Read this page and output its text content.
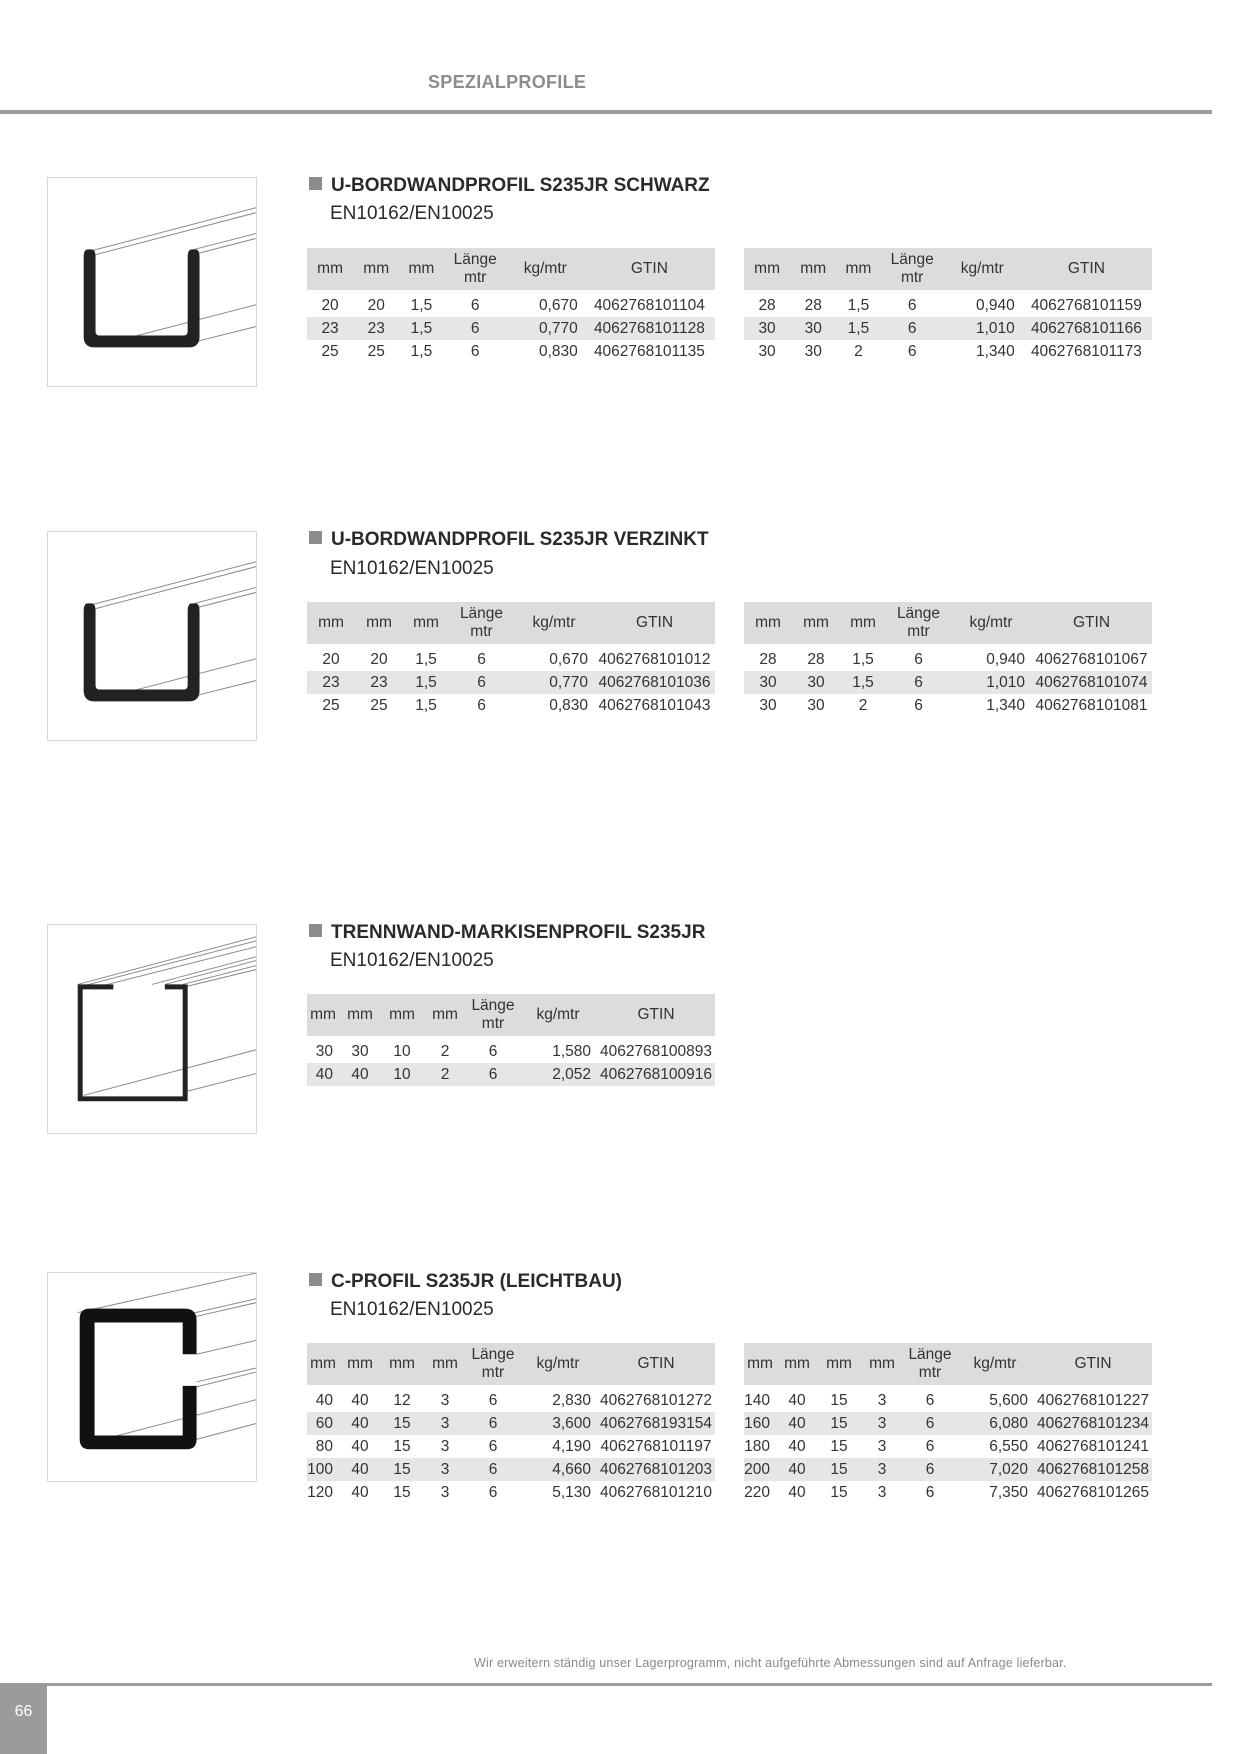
SPEZIALPROFILE
U-BORDWANDPROFIL S235JR SCHWARZ
EN10162/EN10025
mm	mm	mm	Länge mtr	kg/mtr	GTIN

20	20	1,5	6	0,670	4062768101104
23	23	1,5	6	0,770	4062768101128
25	25	1,5	6	0,830	4062768101135
mm	mm	mm	Länge mtr	kg/mtr	GTIN

28	28	1,5	6	0,940	4062768101159
30	30	1,5	6	1,010	4062768101166
30	30	2	6	1,340	4062768101173
U-BORDWANDPROFIL S235JR VERZINKT
EN10162/EN10025
mm	mm	mm	Länge mtr	kg/mtr	GTIN

20	20	1,5	6	0,670	4062768101012
23	23	1,5	6	0,770	4062768101036
25	25	1,5	6	0,830	4062768101043
mm	mm	mm	Länge mtr	kg/mtr	GTIN

28	28	1,5	6	0,940	4062768101067
30	30	1,5	6	1,010	4062768101074
30	30	2	6	1,340	4062768101081
TRENNWAND-MARKISENPROFIL S235JR
EN10162/EN10025
mm	mm	mm	mm	Länge mtr	kg/mtr	GTIN

30	30	10	2	6	1,580	4062768100893
40	40	10	2	6	2,052	4062768100916
C-PROFIL S235JR (LEICHTBAU)
EN10162/EN10025
mm	mm	mm	mm	Länge mtr	kg/mtr	GTIN

40	40	12	3	6	2,830	4062768101272
60	40	15	3	6	3,600	4062768193154
80	40	15	3	6	4,190	4062768101197
100	40	15	3	6	4,660	4062768101203
120	40	15	3	6	5,130	4062768101210
mm	mm	mm	mm	Länge mtr	kg/mtr	GTIN

140	40	15	3	6	5,600	4062768101227
160	40	15	3	6	6,080	4062768101234
180	40	15	3	6	6,550	4062768101241
200	40	15	3	6	7,020	4062768101258
220	40	15	3	6	7,350	4062768101265
Wir erweitern ständig unser Lagerprogramm, nicht aufgeführte Abmessungen sind auf Anfrage lieferbar.
66
